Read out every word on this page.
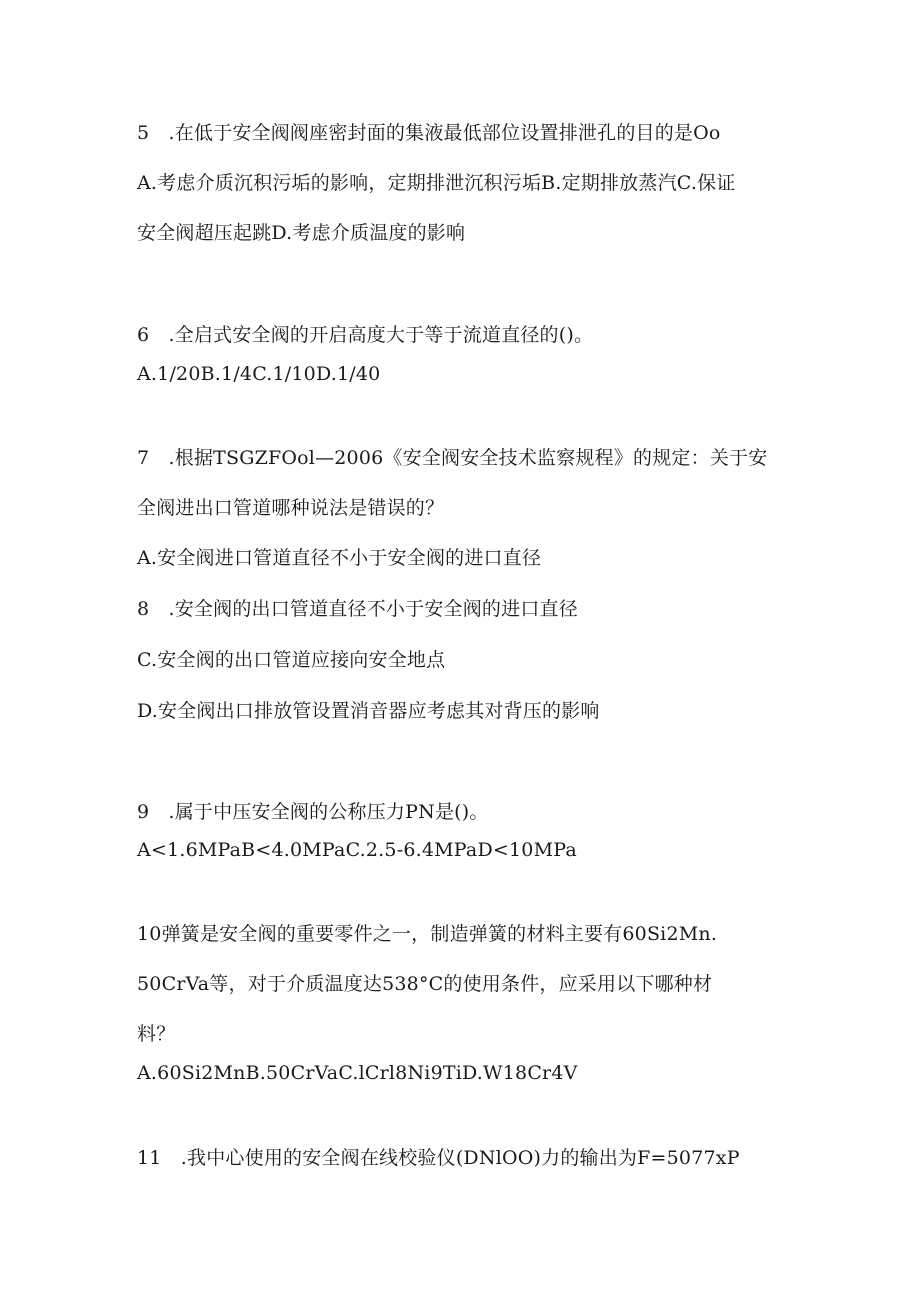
5　.在低于安全阀阀座密封面的集液最低部位设置排泄孔的目的是Oo
A.考虑介质沉积污垢的影响，定期排泄沉积污垢B.定期排放蒸汽C.保证
安全阀超压起跳D.考虑介质温度的影响
6　.全启式安全阀的开启高度大于等于流道直径的()。
A.1/20B.1/4C.1/10D.1/40
7　.根据TSGZFOol—2006《安全阀安全技术监察规程》的规定：关于安
全阀进出口管道哪种说法是错误的？
A.安全阀进口管道直径不小于安全阀的进口直径
8　.安全阀的出口管道直径不小于安全阀的进口直径
C.安全阀的出口管道应接向安全地点
D.安全阀出口排放管设置消音器应考虑其对背压的影响
9　.属于中压安全阀的公称压力PN是()。
A<1.6MPaB<4.0MPaC.2.5-6.4MPaD<10MPa
10弹簧是安全阀的重要零件之一，制造弹簧的材料主要有60Si2Mn.
50CrVa等，对于介质温度达538°C的使用条件，应采用以下哪种材
料？
A.60Si2MnB.50CrVaC.lCrl8Ni9TiD.W18Cr4V
11　.我中心使用的安全阀在线校验仪(DNlOO)力的输出为F=5077xP
